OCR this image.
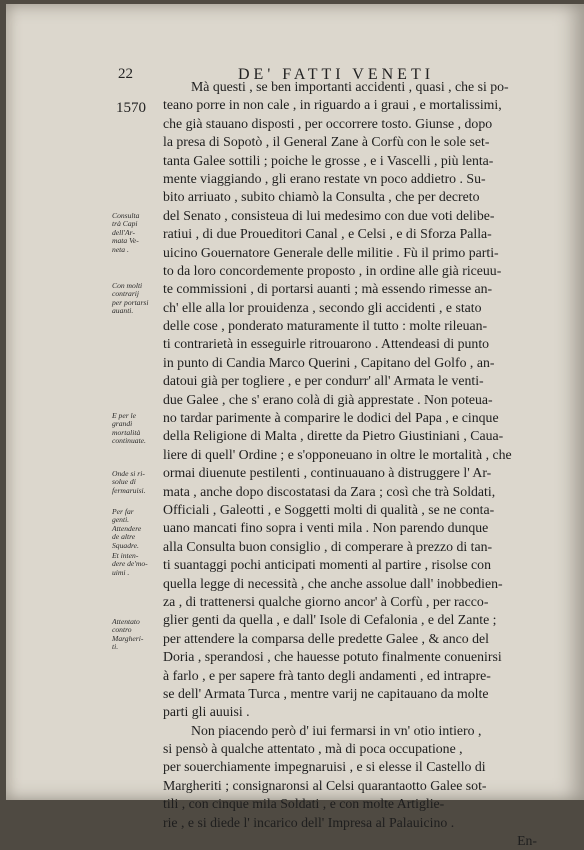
22	DE' FATTI VENETI
1570
Mà questi , se ben importanti accidenti , quasi , che si po-
teano porre in non cale , in riguardo a i graui , e mortalissimi,
che già stauano disposti , per occorrere tosto. Giunse , dopo
la presa di Sopotò , il General Zane à Corfù con le sole set-
tanta Galee sottili ; poiche le grosse , e i Vascelli , più lenta-
mente viaggiando , gli erano restate vn poco addietro . Su-
bito arriuato , subito chiamò la Consulta , che per decreto
del Senato , consisteua di lui medesimo con due voti delibe-
ratiui , di due Proueditori Canal , e Celsi , e di Sforza Palla-
uicino Gouernatore Generale delle militie . Fù il primo parti-
to da loro concordemente proposto , in ordine alle già riceuu-
te commissioni , di portarsi auanti ; mà essendo rimesse an-
ch' elle alla lor prouidenza , secondo gli accidenti , e stato
delle cose , ponderato maturamente il tutto : molte rileuan-
ti contrarietà in esseguirle ritrouarono . Attendeasi di punto
in punto di Candia Marco Querini , Capitano del Golfo , an-
datoui già per togliere , e per condurr' all' Armata le venti-
due Galee , che s' erano colà di già apprestate . Non poteua-
no tardar parimente à comparire le dodici del Papa , e cinque
della Religione di Malta , dirette da Pietro Giustiniani , Caua-
liere di quell' Ordine ; e s'opponeuano in oltre le mortalità , che
ormai diuenute pestilenti , continuauano à distruggere l' Ar-
mata , anche dopo discostatasi da Zara ; così che trà Soldati,
Officiali , Galeotti , e Soggetti molti di qualità , se ne conta-
uano mancati fino sopra i venti mila . Non parendo dunque
alla Consulta buon consiglio , di comperare à prezzo di tan-
ti suantaggi pochi anticipati momenti al partire , risolse con
quella legge di necessità , che anche assolue dall' inobbedien-
za , di trattenersi qualche giorno ancor' à Corfù , per racco-
glier genti da quella , e dall' Isole di Cefalonia , e del Zante ;
per attendere la comparsa delle predette Galee , & anco del
Doria , sperandosi , che hauesse potuto finalmente conuenirsi
à farlo , e per sapere frà tanto degli andamenti , ed intrapre-
se dell' Armata Turca , mentre varij ne capitauano da molte
parti gli auuisi .
Non piacendo però d' iui fermarsi in vn' otio intiero ,
si pensò à qualche attentato , mà di poca occupatione ,
per souerchiamente impegnaruisi , e si elesse il Castello di
Margheriti ; consignaronsi al Celsi quarantaotto Galee sot-
tili , con cinque mila Soldati , e con molte Artiglie-
rie , e si diede l' incarico dell' Impresa al Palauicino .
En-
Consulta
trà Capi
dell'Ar-
mata Ve-
neta .
Con molti
contrarij
per portarsi
auanti.
E per le
grandi
mortalità
continuate.
Onde si ri-
solue di
fermaruisi.
Per far
genti.
Attendere
de altre
Squadre.
Et inten-
dere de'mo-
uimi .
Attentato
contro
Margheri-
ti.
